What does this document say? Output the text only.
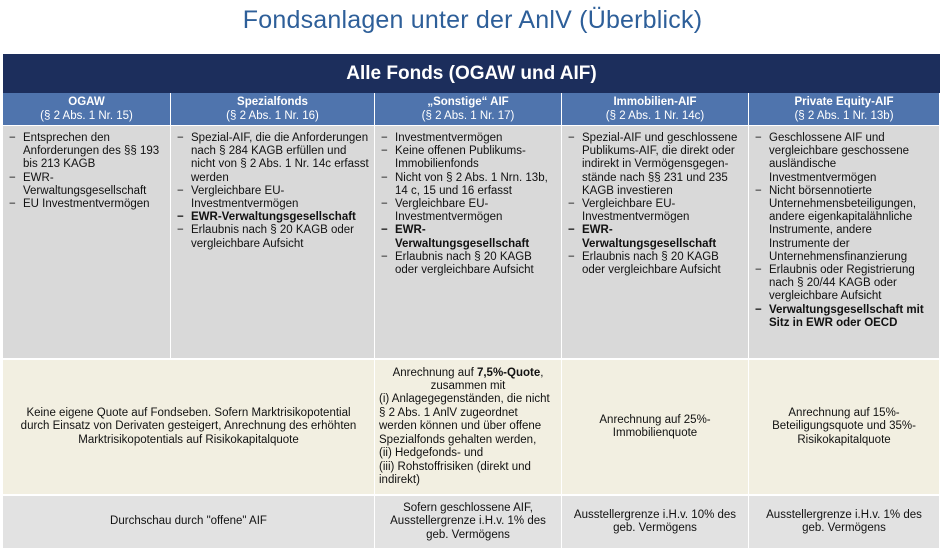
Fondsanlagen unter der AnlV (Überblick)
Alle Fonds (OGAW und AIF)
OGAW
(§ 2 Abs. 1 Nr. 15)
Spezialfonds
(§ 2 Abs. 1 Nr. 16)
„Sonstige“ AIF
(§ 2 Abs. 1 Nr. 17)
Immobilien-AIF
(§ 2 Abs. 1 Nr. 14c)
Private Equity-AIF
(§ 2 Abs. 1 Nr. 13b)
− Entsprechen den Anforderungen des §§ 193 bis 213 KAGB
− EWR-Verwaltungsgesellschaft
− EU Investmentvermögen
− Spezial-AIF, die die Anforderungen nach § 284 KAGB erfüllen und nicht von § 2 Abs. 1 Nr. 14c erfasst werden
− Vergleichbare EU-Investmentvermögen
− EWR-Verwaltungsgesellschaft
− Erlaubnis nach § 20 KAGB oder vergleichbare Aufsicht
− Investmentvermögen
− Keine offenen Publikums-Immobilienfonds
− Nicht von § 2 Abs. 1 Nrn. 13b, 14 c, 15 und 16 erfasst
− Vergleichbare EU-Investmentvermögen
− EWR-Verwaltungsgesellschaft
− Erlaubnis nach § 20 KAGB oder vergleichbare Aufsicht
− Spezial-AIF und geschlossene Publikums-AIF, die direkt oder indirekt in Vermögensgegen-stände nach §§ 231 und 235 KAGB investieren
− Vergleichbare EU-Investmentvermögen
− EWR-Verwaltungsgesellschaft
− Erlaubnis nach § 20 KAGB oder vergleichbare Aufsicht
− Geschlossene AIF und vergleichbare geschossene ausländische Investmentvermögen
− Nicht börsennotierte Unternehmensbeteiligungen, andere eigenkapitalähnliche Instrumente, andere Instrumente der Unternehmensfinanzierung
− Erlaubnis oder Registrierung nach § 20/44 KAGB oder vergleichbare Aufsicht
− Verwaltungsgesellschaft mit Sitz in EWR oder OECD
Keine eigene Quote auf Fondseben. Sofern Marktrisikopotential durch Einsatz von Derivaten gesteigert, Anrechnung des erhöhten Marktrisikopotentials auf Risikokapitalquote
Anrechnung auf 7,5%-Quote,
zusammen mit
(i) Anlagegegenständen, die nicht § 2 Abs. 1 AnlV zugeordnet werden können und über offene Spezialfonds gehalten werden,
(ii) Hedgefonds- und
(iii) Rohstoffrisiken (direkt und indirekt)
Anrechnung auf 25%-Immobilienquote
Anrechnung auf 15%-Beteiligungsquote und 35%-Risikokapitalquote
Durchschau durch "offene" AIF
Sofern geschlossene AIF, Ausstellergrenze i.H.v. 1% des geb. Vermögens
Ausstellergrenze i.H.v. 10% des geb. Vermögens
Ausstellergrenze i.H.v. 1% des geb. Vermögens
